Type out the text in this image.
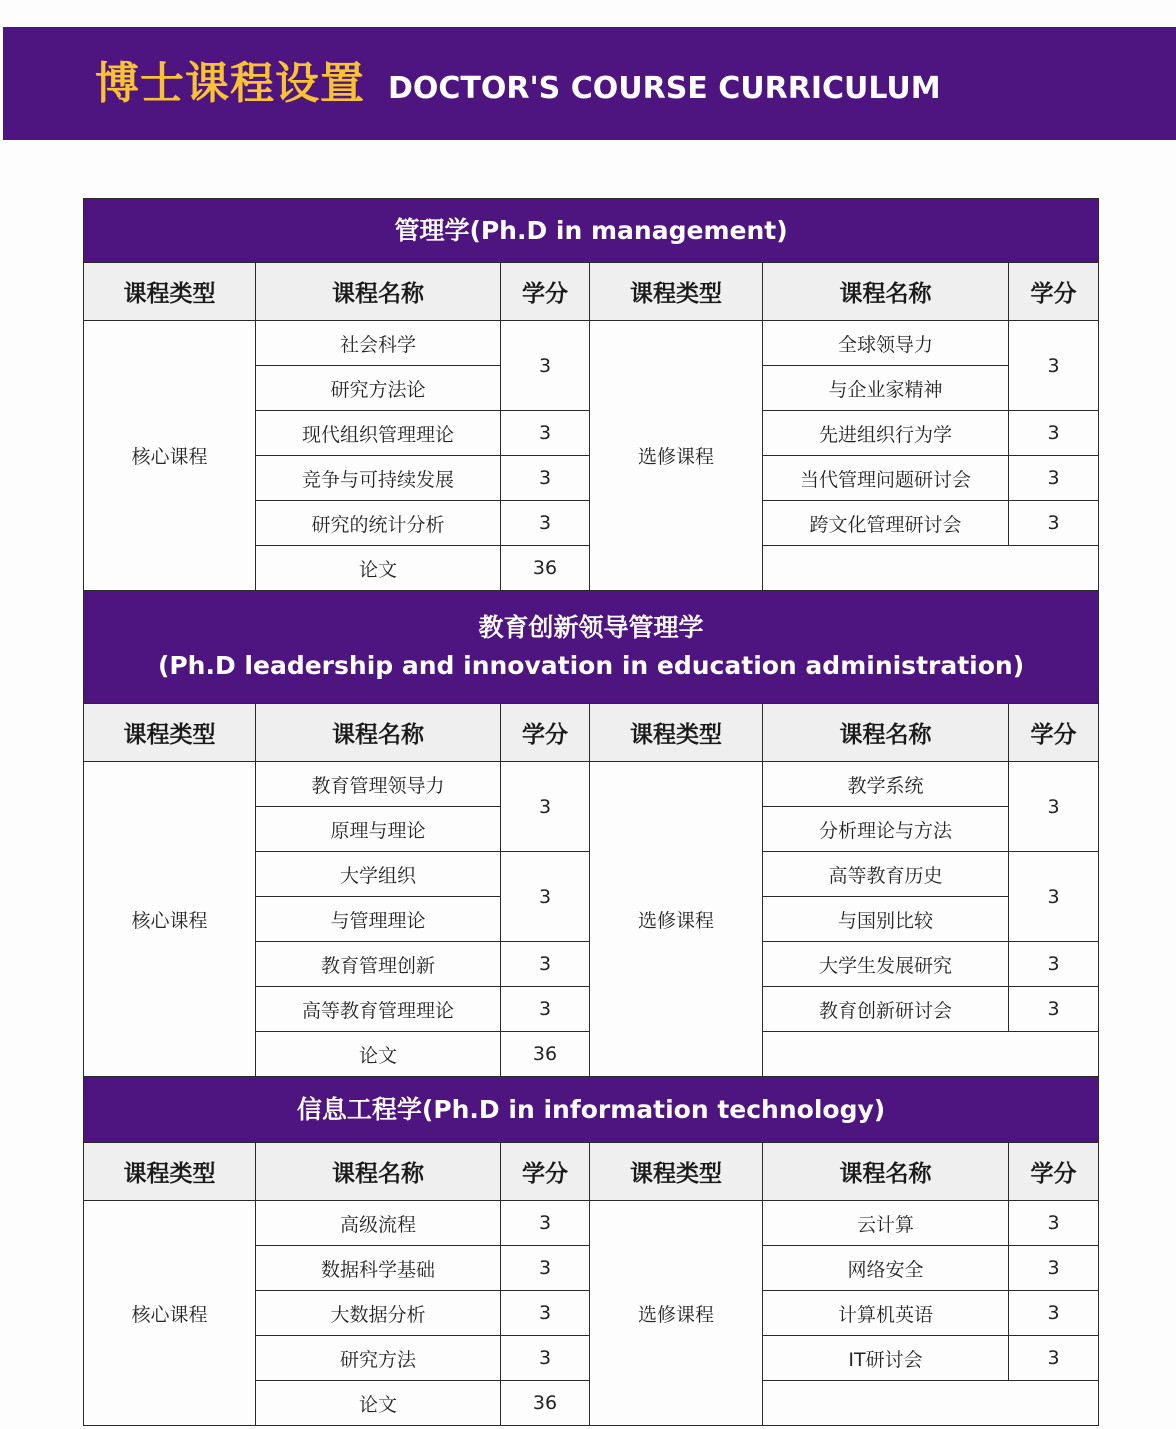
博士课程设置 DOCTOR'S COURSE CURRICULUM
管理学(Ph.D in management)					
课程类型	课程名称	学分	课程类型	课程名称	学分
核心课程	社会科学	3	选修课程	全球领导力	3
	研究方法论			与企业家精神	
	现代组织管理理论	3		先进组织行为学	3
	竞争与可持续发展	3		当代管理问题研讨会	3
	研究的统计分析	3		跨文化管理研讨会	3
	论文	36			

教育创新领导管理学
(Ph.D leadership and innovation in education administration)					

课程类型	课程名称	学分	课程类型	课程名称	学分
核心课程	教育管理领导力	3	选修课程	教学系统	3
	原理与理论			分析理论与方法	
	大学组织	3		高等教育历史	3
	与管理理论			与国别比较	
	教育管理创新	3		大学生发展研究	3
	高等教育管理理论	3		教育创新研讨会	3
	论文	36			
信息工程学(Ph.D in information technology)					
课程类型	课程名称	学分	课程类型	课程名称	学分
核心课程	高级流程	3	选修课程	云计算	3
	数据科学基础	3		网络安全	3
	大数据分析	3		计算机英语	3
	研究方法	3		IT研讨会	3
	论文	36			
